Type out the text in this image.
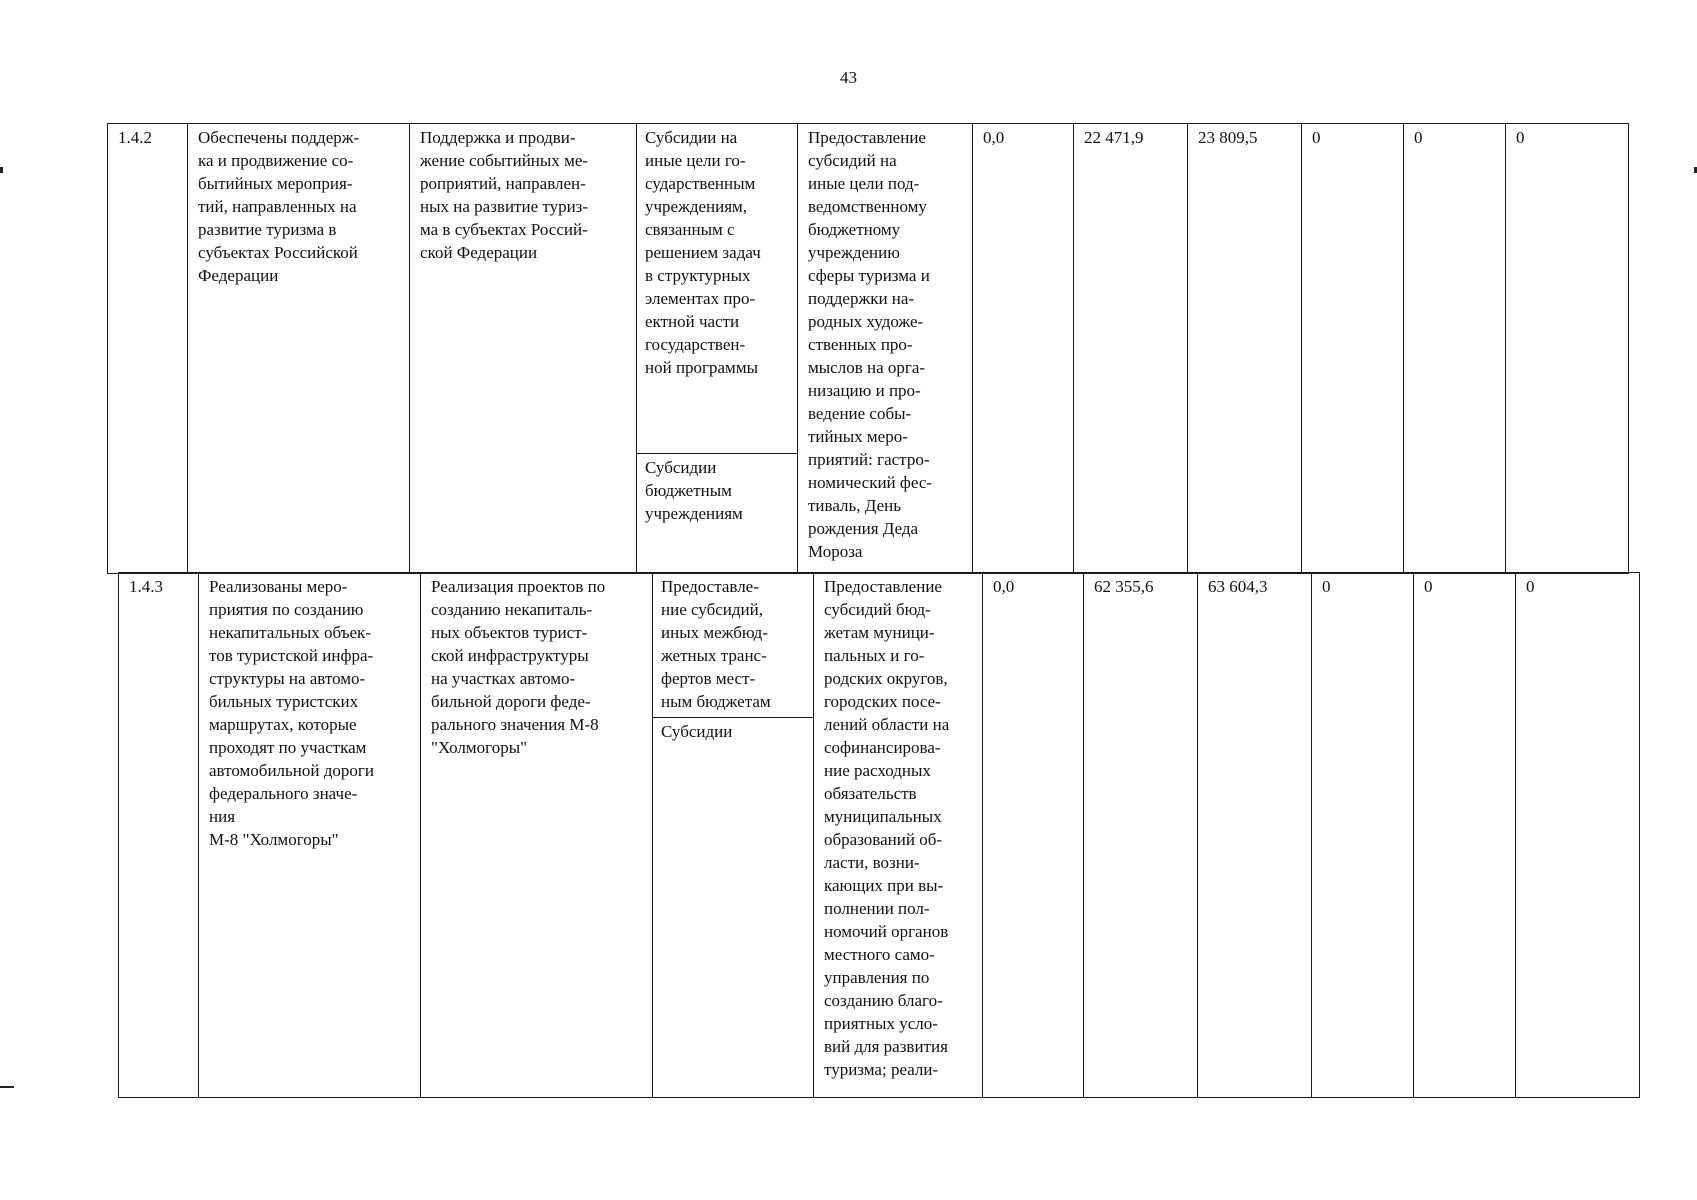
43
1.4.2	Обеспечены поддерж-
ка и продвижение со-
бытийных мероприя-
тий, направленных на
развитие туризма в
субъектах Российской
Федерации

Поддержка и продви-
жение событийных ме-
роприятий, направлен-
ных на развитие туриз-
ма в субъектах Россий-
ской Федерации

Субсидии на
иные цели го-
сударственным
учреждениям,
связанным с
решением задач
в структурных
элементах про-
ектной части
государствен-
ной программы
Субсидии
бюджетным
учреждениям

Предоставление
субсидий на
иные цели под-
ведомственному
бюджетному
учреждению
сферы туризма и
поддержки на-
родных художе-
ственных про-
мыслов на орга-
низацию и про-
ведение собы-
тийных меро-
приятий: гастро-
номический фес-
тиваль, День
рождения Деда
Мороза

0,0	22 471,9	23 809,5	0	0	0
1.4.3	Реализованы меро-
приятия по созданию
некапитальных объек-
тов туристской инфра-
структуры на автомо-
бильных туристских
маршрутах, которые
проходят по участкам
автомобильной дороги
федерального значе-
ния
М-8 "Холмогоры"

Реализация проектов по
созданию некапиталь-
ных объектов турист-
ской инфраструктуры
на участках автомо-
бильной дороги феде-
рального значения М-8
"Холмогоры"

Предоставле-
ние субсидий,
иных межбюд-
жетных транс-
фертов мест-
ным бюджетам
Субсидии

Предоставление
субсидий бюд-
жетам муници-
пальных и го-
родских округов,
городских посе-
лений области на
софинансирова-
ние расходных
обязательств
муниципальных
образований об-
ласти, возни-
кающих при вы-
полнении пол-
номочий органов
местного само-
управления по
созданию благо-
приятных усло-
вий для развития
туризма; реали-

0,0	62 355,6	63 604,3	0	0	0
